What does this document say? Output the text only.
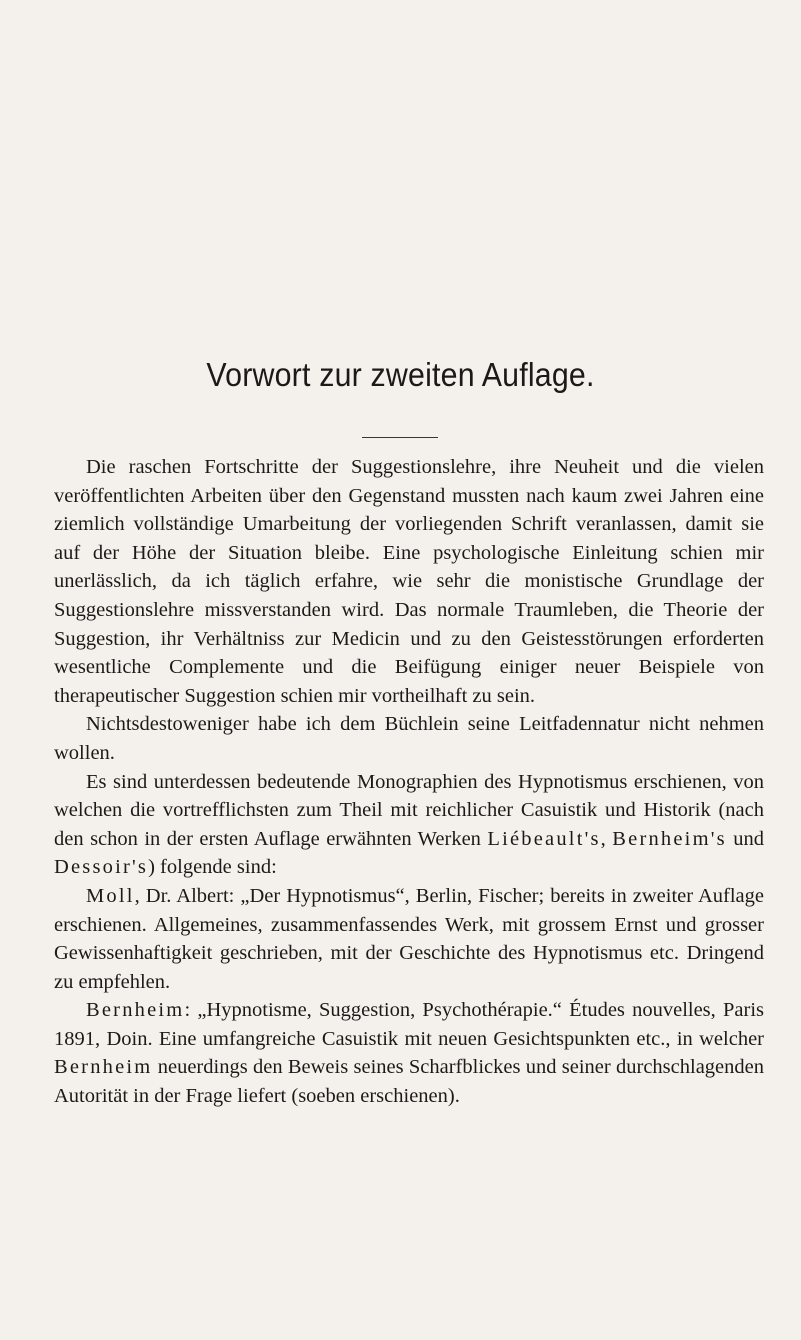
Vorwort zur zweiten Auflage.

Die raschen Fortschritte der Suggestionslehre, ihre Neuheit und die vielen veröffentlichten Arbeiten über den Gegenstand mussten nach kaum zwei Jahren eine ziemlich vollständige Umarbeitung der vorliegenden Schrift veranlassen, damit sie auf der Höhe der Situation bleibe. Eine psychologische Einleitung schien mir unerlässlich, da ich täglich erfahre, wie sehr die monistische Grundlage der Suggestionslehre missverstanden wird. Das normale Traumleben, die Theorie der Suggestion, ihr Verhältniss zur Medicin und zu den Geistesstörungen erforderten wesentliche Complemente und die Beifügung einiger neuer Beispiele von therapeutischer Suggestion schien mir vortheilhaft zu sein.

Nichtsdestoweniger habe ich dem Büchlein seine Leitfadennatur nicht nehmen wollen.

Es sind unterdessen bedeutende Monographien des Hypnotismus erschienen, von welchen die vortrefflichsten zum Theil mit reichlicher Casuistik und Historik (nach den schon in der ersten Auflage erwähnten Werken Liébeault's, Bernheim's und Dessoir's) folgende sind:

Moll, Dr. Albert: „Der Hypnotismus“, Berlin, Fischer; bereits in zweiter Auflage erschienen. Allgemeines, zusammenfassendes Werk, mit grossem Ernst und grosser Gewissenhaftigkeit geschrieben, mit der Geschichte des Hypnotismus etc. Dringend zu empfehlen.

Bernheim: „Hypnotisme, Suggestion, Psychothérapie.“ Études nouvelles, Paris 1891, Doin. Eine umfangreiche Casuistik mit neuen Gesichtspunkten etc., in welcher Bernheim neuerdings den Beweis seines Scharfblickes und seiner durchschlagenden Autorität in der Frage liefert (soeben erschienen).
